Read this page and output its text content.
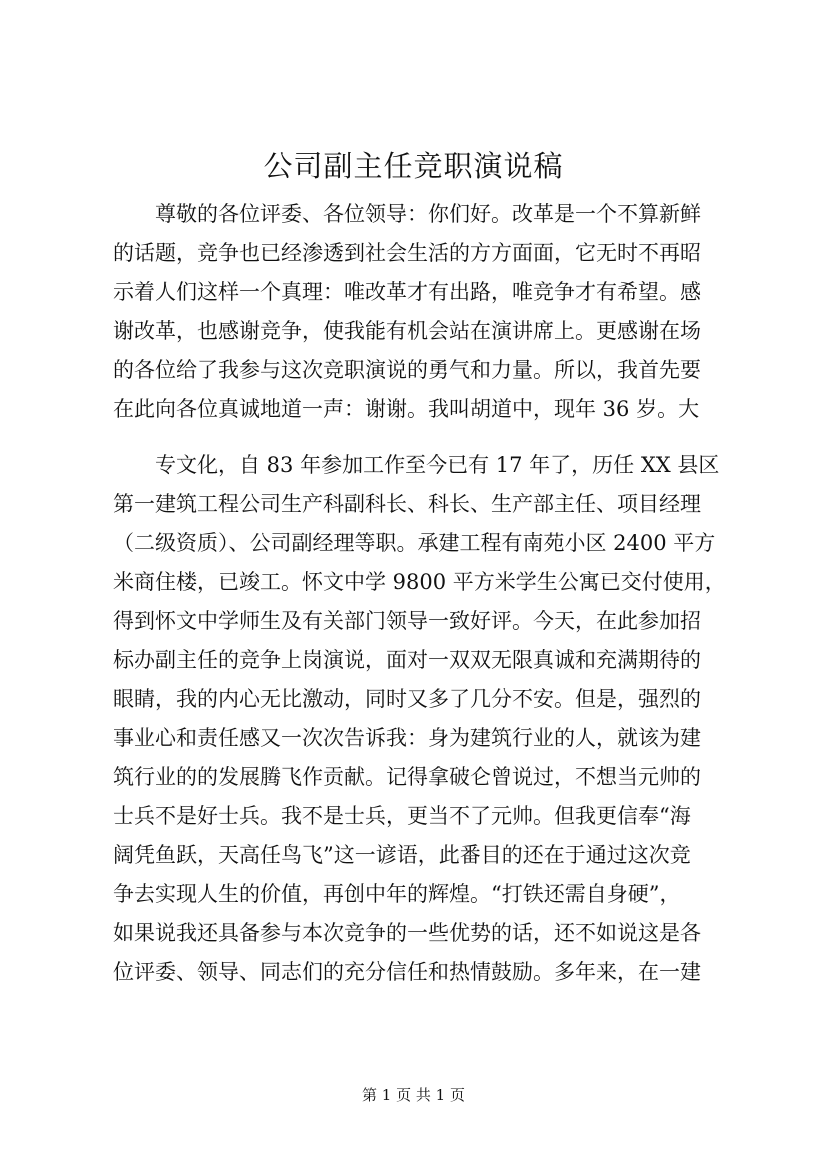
公司副主任竞职演说稿
　　尊敬的各位评委、各位领导：你们好。改革是一个不算新鲜
的话题，竞争也已经渗透到社会生活的方方面面，它无时不再昭
示着人们这样一个真理：唯改革才有出路，唯竞争才有希望。感
谢改革，也感谢竞争，使我能有机会站在演讲席上。更感谢在场
的各位给了我参与这次竞职演说的勇气和力量。所以，我首先要
在此向各位真诚地道一声：谢谢。我叫胡道中，现年 36 岁。大
　　专文化，自 83 年参加工作至今已有 17 年了，历任 XX 县区
第一建筑工程公司生产科副科长、科长、生产部主任、项目经理
（二级资质）、公司副经理等职。承建工程有南苑小区 2400 平方
米商住楼，已竣工。怀文中学 9800 平方米学生公寓已交付使用，
得到怀文中学师生及有关部门领导一致好评。今天，在此参加招
标办副主任的竞争上岗演说，面对一双双无限真诚和充满期待的
眼睛，我的内心无比激动，同时又多了几分不安。但是，强烈的
事业心和责任感又一次次告诉我：身为建筑行业的人，就该为建
筑行业的的发展腾飞作贡献。记得拿破仑曾说过，不想当元帅的
士兵不是好士兵。我不是士兵，更当不了元帅。但我更信奉“海
阔凭鱼跃，天高任鸟飞”这一谚语，此番目的还在于通过这次竞
争去实现人生的价值，再创中年的辉煌。“打铁还需自身硬”，
如果说我还具备参与本次竞争的一些优势的话，还不如说这是各
位评委、领导、同志们的充分信任和热情鼓励。多年来，在一建
第 1 页 共 1 页
